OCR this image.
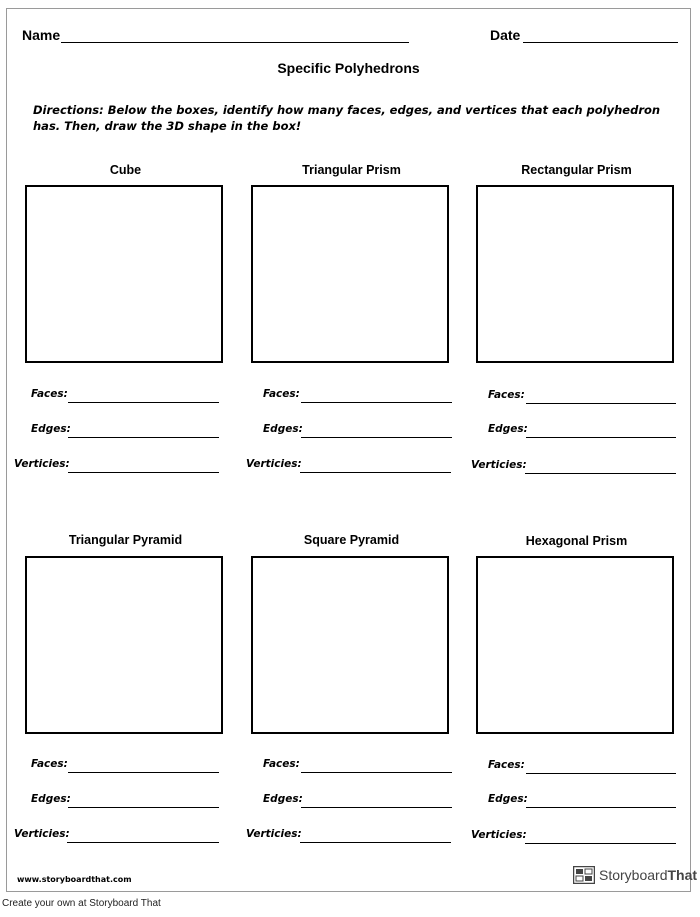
Name	Date
Specific Polyhedrons
Directions: Below the boxes, identify how many faces, edges, and vertices that each polyhedron has. Then, draw the 3D shape in the box!
Cube
Faces:
Edges:
Verticies:
Triangular Prism
Faces:
Edges:
Verticies:
Rectangular Prism
Faces:
Edges:
Verticies:
Triangular Pyramid
Faces:
Edges:
Verticies:
Square Pyramid
Faces:
Edges:
Verticies:
Hexagonal Prism
Faces:
Edges:
Verticies:
www.storyboardthat.com	StoryboardThat
Create your own at Storyboard That
